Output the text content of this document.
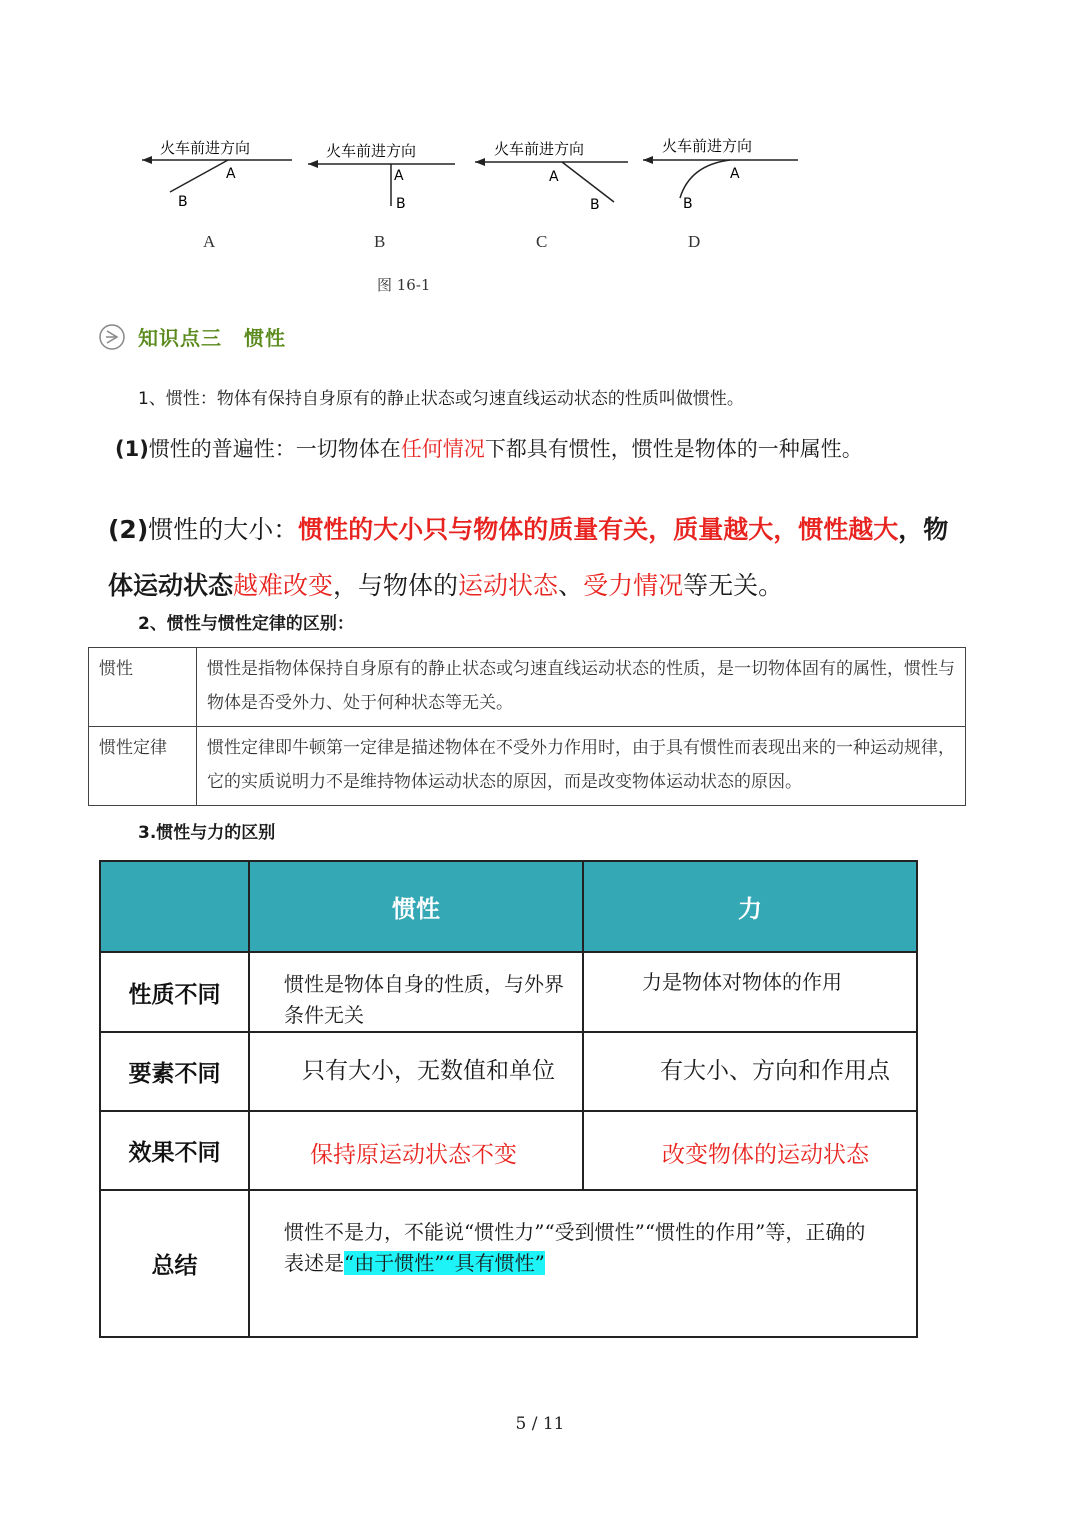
火车前进方向
A
B
火车前进方向
A
B
火车前进方向
A
B
火车前进方向
A
B
A	B	C	D
图 16-1
知识点三 惯性
1、惯性：物体有保持自身原有的静止状态或匀速直线运动状态的性质叫做惯性。
(1)惯性的普遍性：一切物体在任何情况下都具有惯性，惯性是物体的一种属性。
(2)惯性的大小：惯性的大小只与物体的质量有关，质量越大，惯性越大，物体运动状态越难改变，与物体的运动状态、受力情况等无关。
2、惯性与惯性定律的区别：
惯性	惯性是指物体保持自身原有的静止状态或匀速直线运动状态的性质，是一切物体固有的属性，惯性与物体是否受外力、处于何种状态等无关。
惯性定律	惯性定律即牛顿第一定律是描述物体在不受外力作用时，由于具有惯性而表现出来的一种运动规律，它的实质说明力不是维持物体运动状态的原因，而是改变物体运动状态的原因。
3.惯性与力的区别
	惯性	力
性质不同	惯性是物体自身的性质，与外界条件无关	力是物体对物体的作用
要素不同	只有大小，无数值和单位	有大小、方向和作用点
效果不同	保持原运动状态不变	改变物体的运动状态
总结	惯性不是力，不能说“惯性力”“受到惯性”“惯性的作用”等，正确的表述是“由于惯性”“具有惯性”	
5 / 11
